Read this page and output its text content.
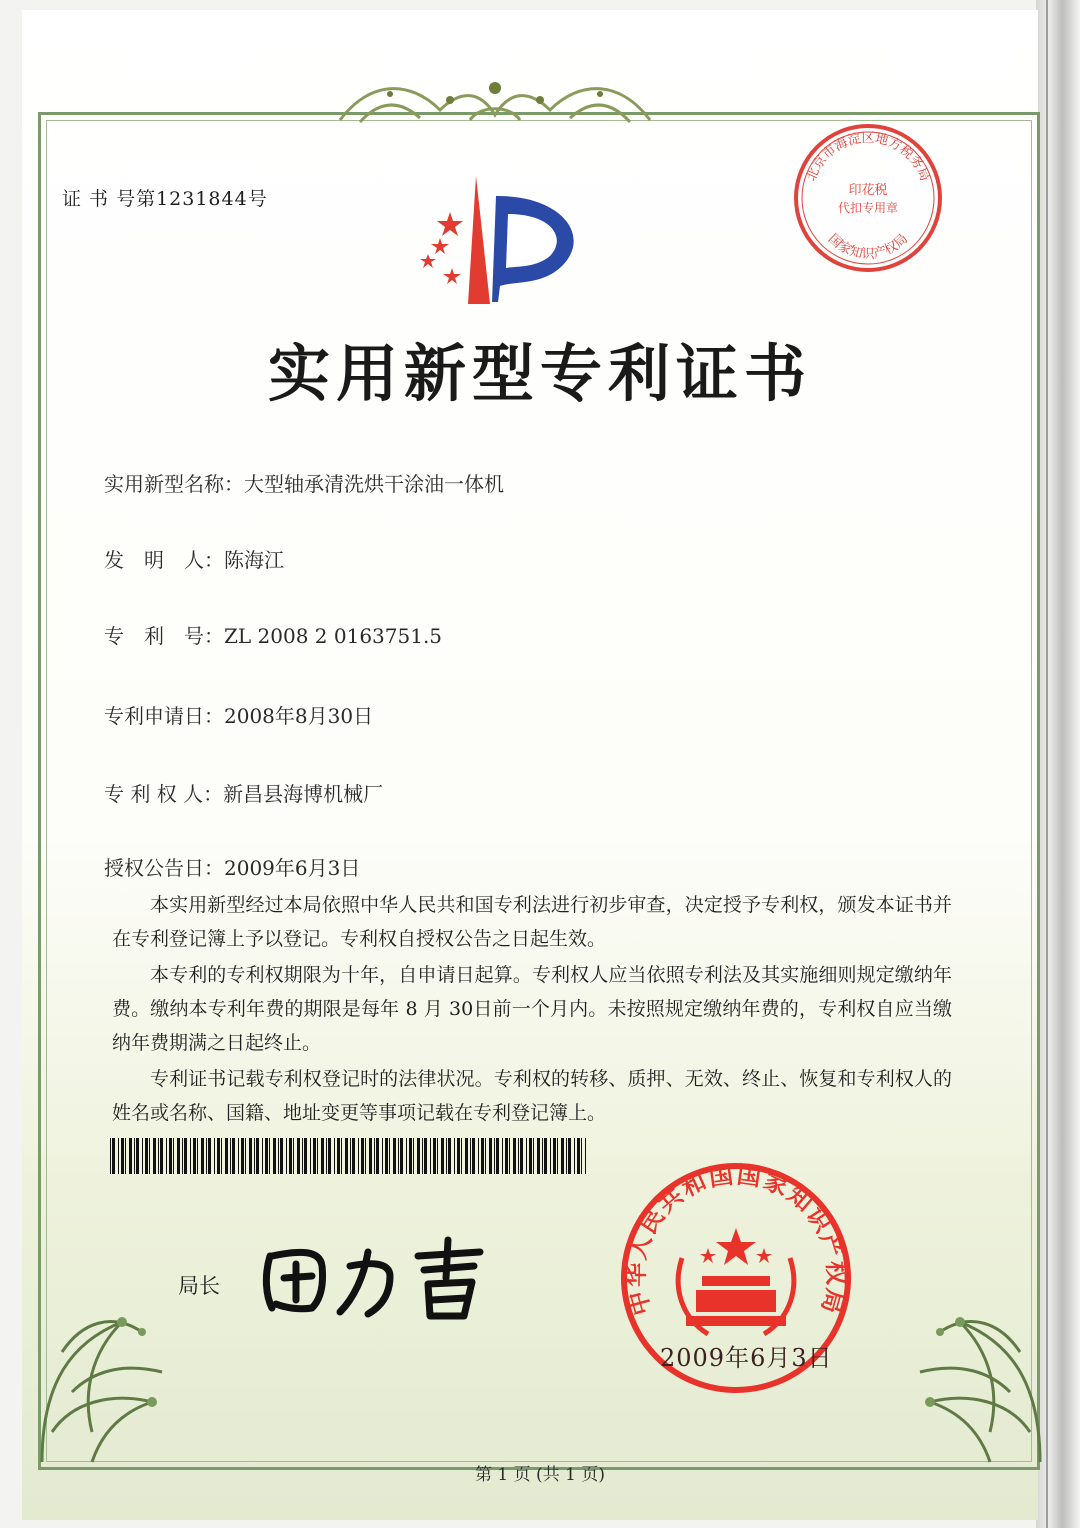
证 书 号第1231844号
北京市海淀区地方税务局
印花税
代扣专用章
国家知识产权局
实用新型专利证书
实用新型名称：大型轴承清洗烘干涂油一体机
发　明　人：陈海江
专　利　号：ZL 2008 2 0163751.5
专利申请日：2008年8月30日
专 利 权 人：新昌县海博机械厂
授权公告日：2009年6月3日

本实用新型经过本局依照中华人民共和国专利法进行初步审查，决定授予专利权，颁发本证书并在专利登记簿上予以登记。专利权自授权公告之日起生效。

本专利的专利权期限为十年，自申请日起算。专利权人应当依照专利法及其实施细则规定缴纳年费。缴纳本专利年费的期限是每年 8 月 30日前一个月内。未按照规定缴纳年费的，专利权自应当缴纳年费期满之日起终止。

专利证书记载专利权登记时的法律状况。专利权的转移、质押、无效、终止、恢复和专利权人的姓名或名称、国籍、地址变更等事项记载在专利登记簿上。

局长	中华人民共和国国家知识产权局
2009年6月3日
第 1 页 (共 1 页)
